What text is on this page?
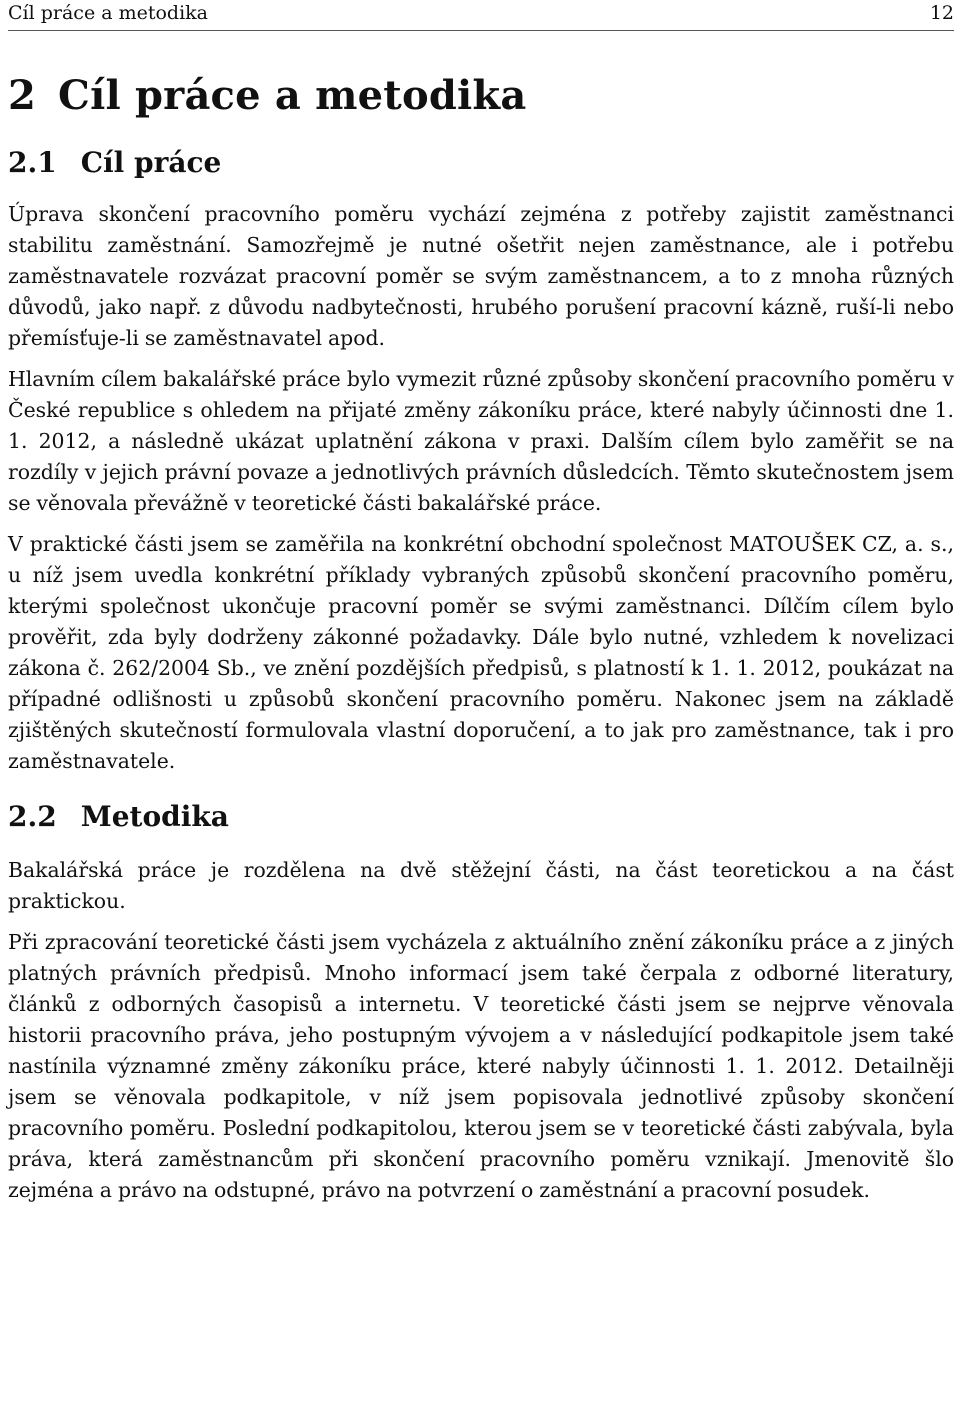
Cíl práce a metodika	12
2 Cíl práce a metodika
2.1 Cíl práce

Úprava skončení pracovního poměru vychází zejména z potřeby zajistit zaměstnanci stabilitu zaměstnání. Samozřejmě je nutné ošetřit nejen zaměstnance, ale i potřebu zaměstnavatele rozvázat pracovní poměr se svým zaměstnancem, a to z mnoha různých důvodů, jako např. z důvodu nadbytečnosti, hrubého porušení pracovní kázně, ruší-li nebo přemísťuje-li se zaměstnavatel apod.

Hlavním cílem bakalářské práce bylo vymezit různé způsoby skončení pracovního poměru v České republice s ohledem na přijaté změny zákoníku práce, které nabyly účinnosti dne 1. 1. 2012, a následně ukázat uplatnění zákona v praxi. Dalším cílem bylo zaměřit se na rozdíly v jejich právní povaze a jednotlivých právních důsledcích. Těmto skutečnostem jsem se věnovala převážně v teoretické části bakalářské práce.

V praktické části jsem se zaměřila na konkrétní obchodní společnost MATOUŠEK CZ, a. s., u níž jsem uvedla konkrétní příklady vybraných způsobů skončení pracovního poměru, kterými společnost ukončuje pracovní poměr se svými zaměstnanci. Dílčím cílem bylo prověřit, zda byly dodrženy zákonné požadavky. Dále bylo nutné, vzhledem k novelizaci zákona č. 262/2004 Sb., ve znění pozdějších předpisů, s platností k 1. 1. 2012, poukázat na případné odlišnosti u způsobů skončení pracovního poměru. Nakonec jsem na základě zjištěných skutečností formulovala vlastní doporučení, a to jak pro zaměstnance, tak i pro zaměstnavatele.

2.2 Metodika

Bakalářská práce je rozdělena na dvě stěžejní části, na část teoretickou a na část praktickou.

Při zpracování teoretické části jsem vycházela z aktuálního znění zákoníku práce a z jiných platných právních předpisů. Mnoho informací jsem také čerpala z odborné literatury, článků z odborných časopisů a internetu. V teoretické části jsem se nejprve věnovala historii pracovního práva, jeho postupným vývojem a v následující podkapitole jsem také nastínila významné změny zákoníku práce, které nabyly účinnosti 1. 1. 2012. Detailněji jsem se věnovala podkapitole, v níž jsem popisovala jednotlivé způsoby skončení pracovního poměru. Poslední podkapitolou, kterou jsem se v teoretické části zabývala, byla práva, která zaměstnancům při skončení pracovního poměru vznikají. Jmenovitě šlo zejména a právo na odstupné, právo na potvrzení o zaměstnání a pracovní posudek.
